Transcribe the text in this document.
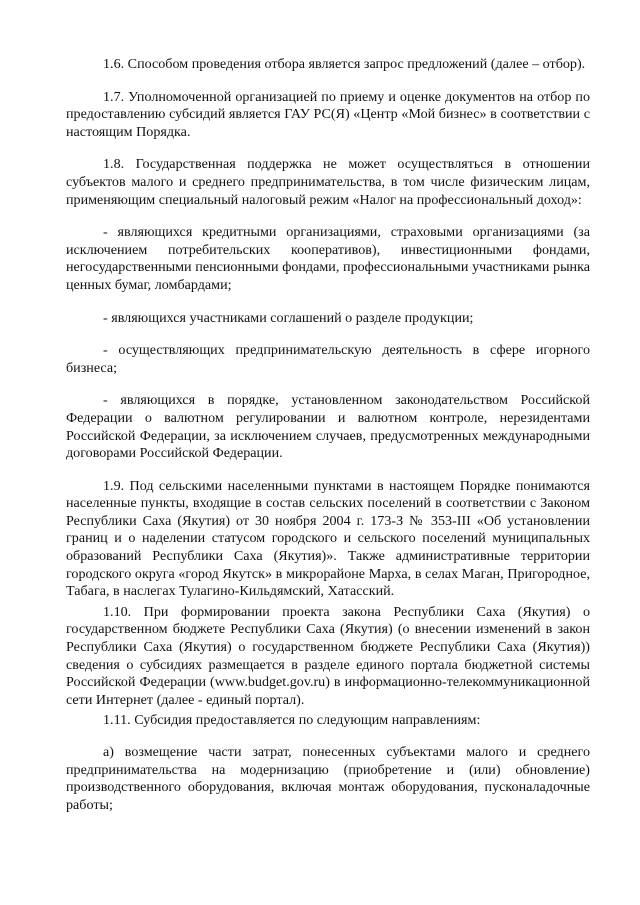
1.6. Способом проведения отбора является запрос предложений (далее – отбор).

1.7. Уполномоченной организацией по приему и оценке документов на отбор по предоставлению субсидий является ГАУ РС(Я) «Центр «Мой бизнес» в соответствии с настоящим Порядка.

1.8. Государственная поддержка не может осуществляться в отношении субъектов малого и среднего предпринимательства, в том числе физическим лицам, применяющим специальный налоговый режим «Налог на профессиональный доход»:

- являющихся кредитными организациями, страховыми организациями (за исключением потребительских кооперативов), инвестиционными фондами, негосударственными пенсионными фондами, профессиональными участниками рынка ценных бумаг, ломбардами;

- являющихся участниками соглашений о разделе продукции;

- осуществляющих предпринимательскую деятельность в сфере игорного бизнеса;

- являющихся в порядке, установленном законодательством Российской Федерации о валютном регулировании и валютном контроле, нерезидентами Российской Федерации, за исключением случаев, предусмотренных международными договорами Российской Федерации.

1.9. Под сельскими населенными пунктами в настоящем Порядке понимаются населенные пункты, входящие в состав сельских поселений в соответствии с Законом Республики Саха (Якутия) от 30 ноября 2004 г. 173-З № 353-III «Об установлении границ и о наделении статусом городского и сельского поселений муниципальных образований Республики Саха (Якутия)». Также административные территории городского округа «город Якутск» в микрорайоне Марха, в селах Маган, Пригородное, Табага, в наслегах Тулагино-Кильдямский, Хатасский.

1.10. При формировании проекта закона Республики Саха (Якутия) о государственном бюджете Республики Саха (Якутия) (о внесении изменений в закон Республики Саха (Якутия) о государственном бюджете Республики Саха (Якутия)) сведения о субсидиях размещается в разделе единого портала бюджетной системы Российской Федерации (www.budget.gov.ru) в информационно-телекоммуникационной сети Интернет (далее - единый портал).

1.11. Субсидия предоставляется по следующим направлениям:

а) возмещение части затрат, понесенных субъектами малого и среднего предпринимательства на модернизацию (приобретение и (или) обновление) производственного оборудования, включая монтаж оборудования, пусконаладочные работы;
